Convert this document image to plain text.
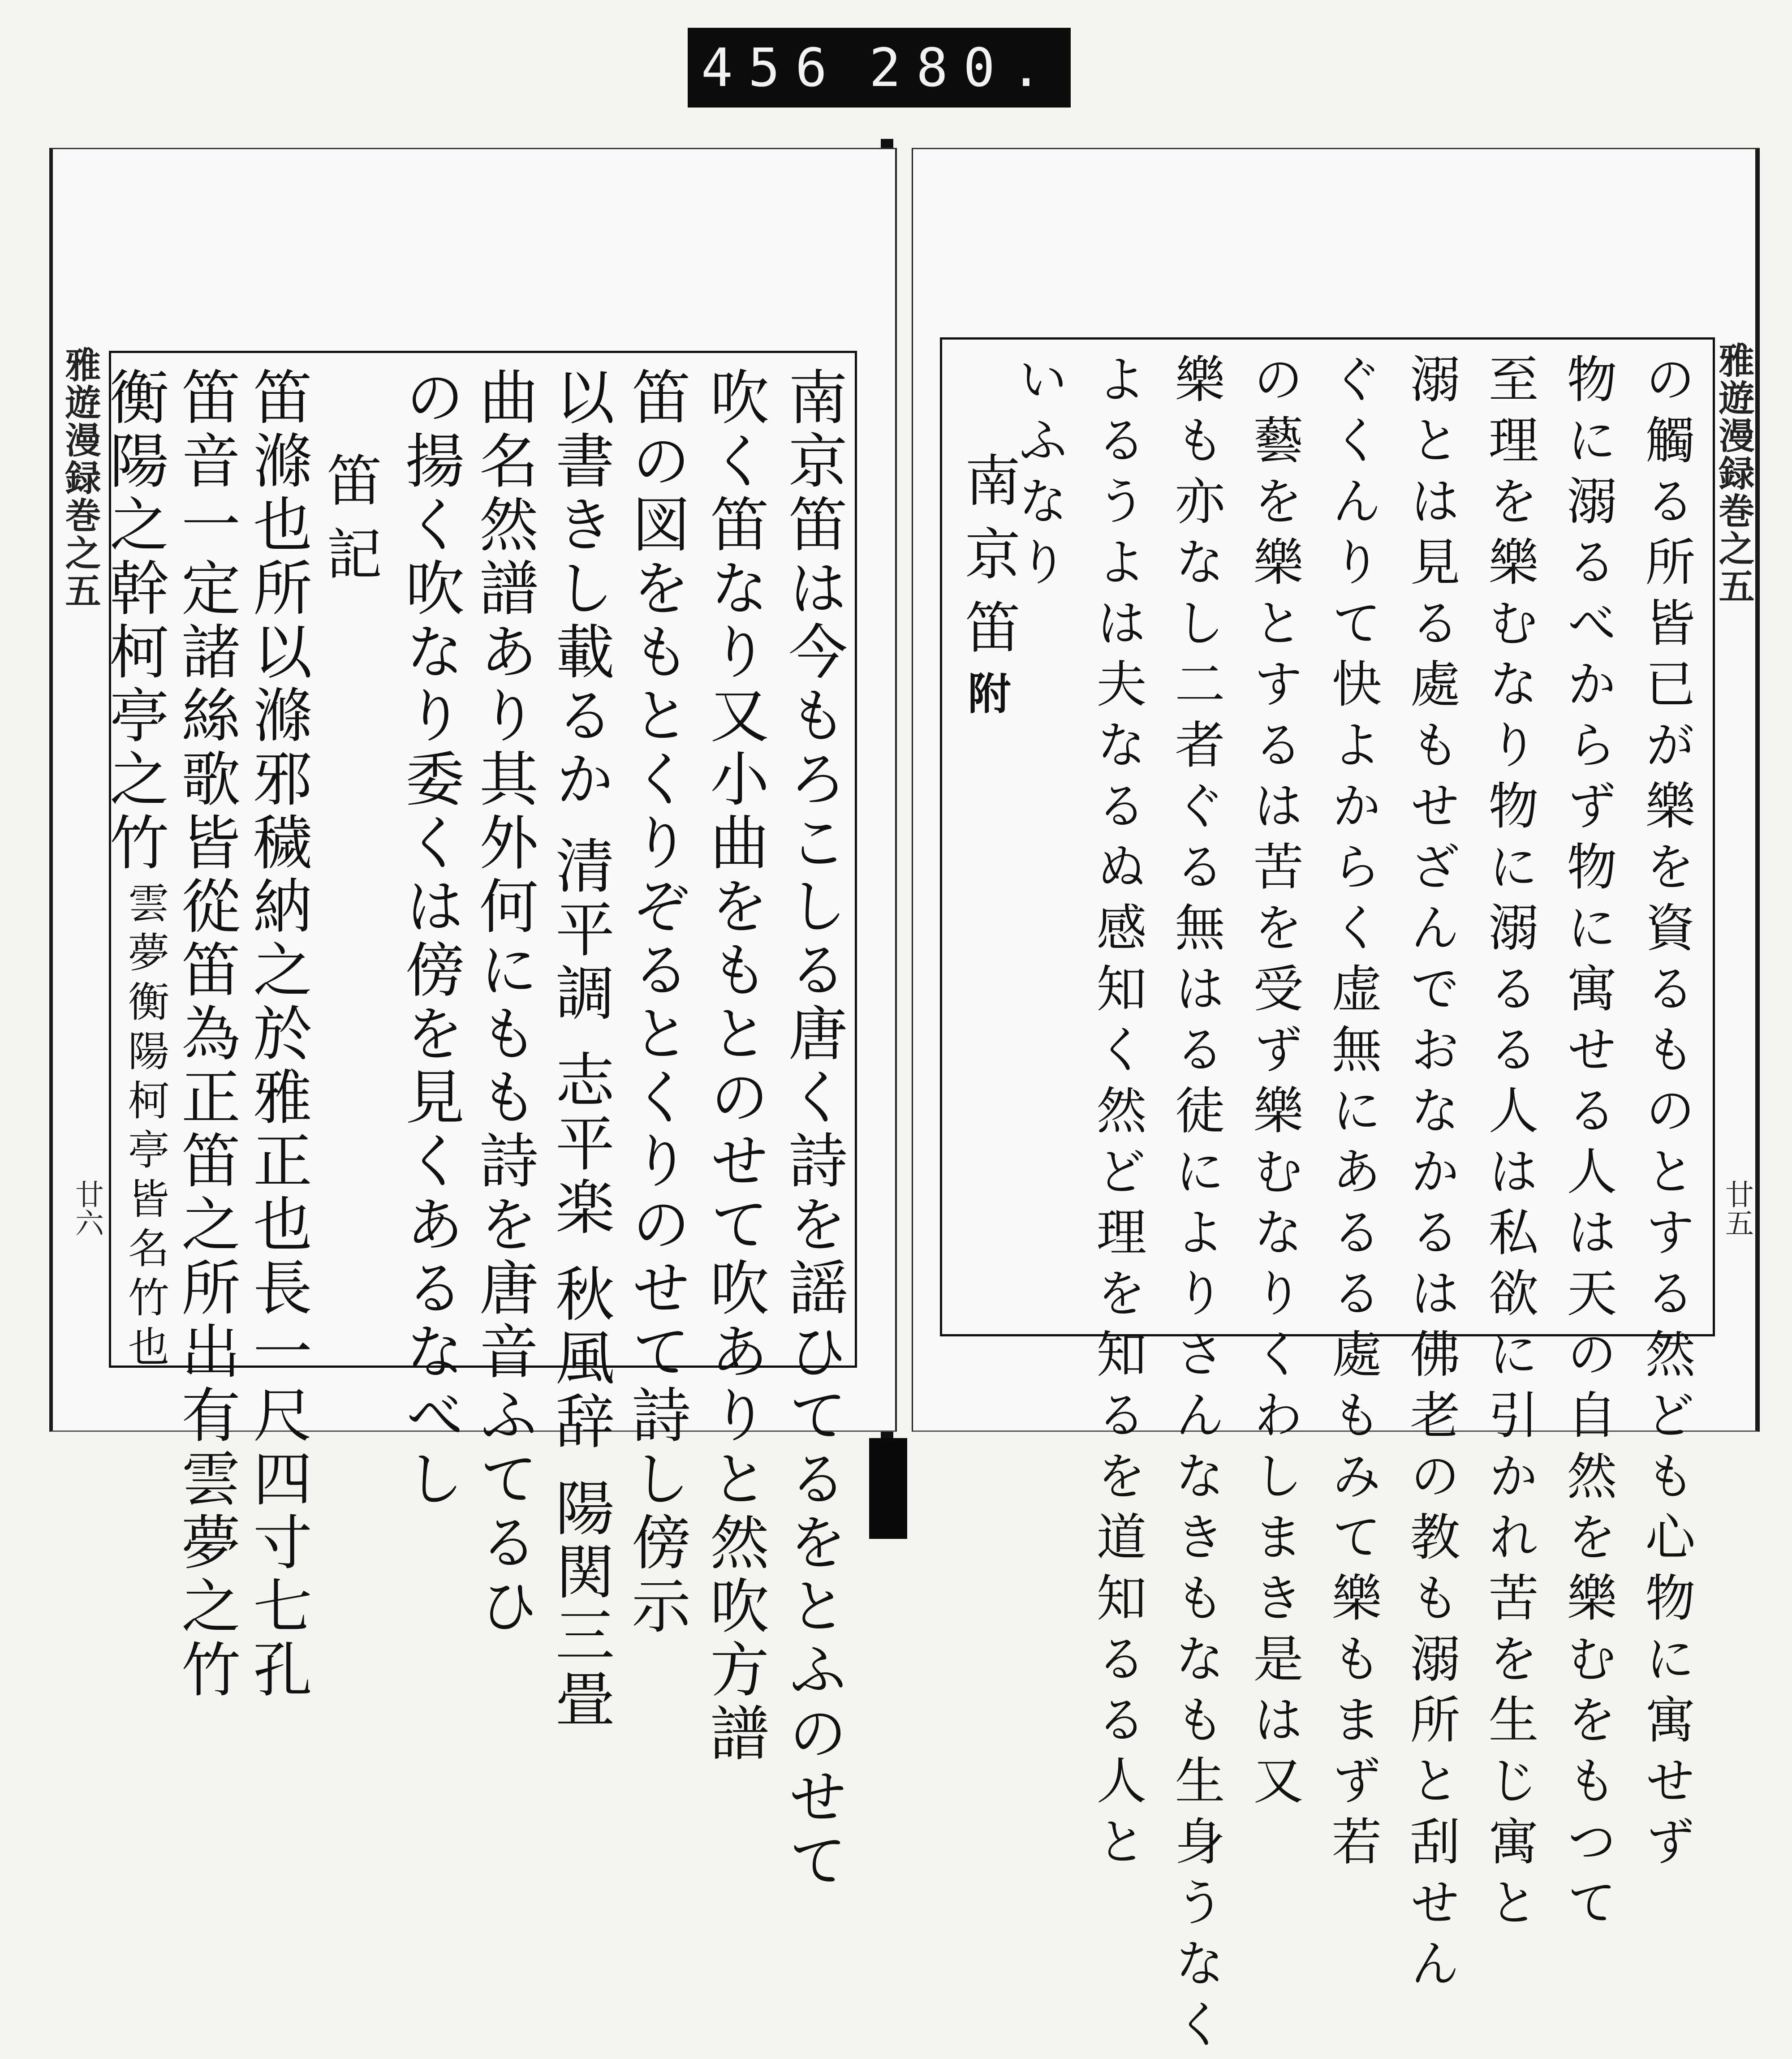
456 280.
雅遊漫録巻之五
廿六	南京笛は今もろこしる唐く詩を謡ひてるをとふのせて
吹く笛なり又小曲をもとのせて吹ありと然吹方譜
笛の図をもとくりぞるとくりのせて詩し傍示
以書きし載るか 清平調 志平楽 秋風辞 陽関三畳
曲名然譜あり其外何にもも詩を唐音ふてるひ
の揚く吹なり委くは傍を見くあるなべし
笛記
笛滌也所以滌邪穢納之於雅正也長一尺四寸七孔
笛音一定諸絲歌皆從笛為正笛之所出有雲夢之竹
衡陽之幹柯亭之竹
雲夢衡陽柯亭皆名竹也
雅遊漫録巻之五
廿五
の觸る所皆已が樂を資るものとする然ども心物に寓せず
物に溺るべからず物に寓せる人は天の自然を樂むをもつて
至理を樂むなり物に溺るる人は私欲に引かれ苦を生じ寓と
溺とは見る處もせざんでおなかるは佛老の教も溺所と刮せん
ぐくんりて快よからく虚無にあるる處もみて樂もまず若
の藝を樂とするは苦を受ず樂むなりくわしまき是は又
樂も亦なし二者ぐる無はる徒によりさんなきもなも生身うなく
よるうよは夫なるぬ感知く然ど理を知るを道知るる人と
いふなり
南京笛
附
